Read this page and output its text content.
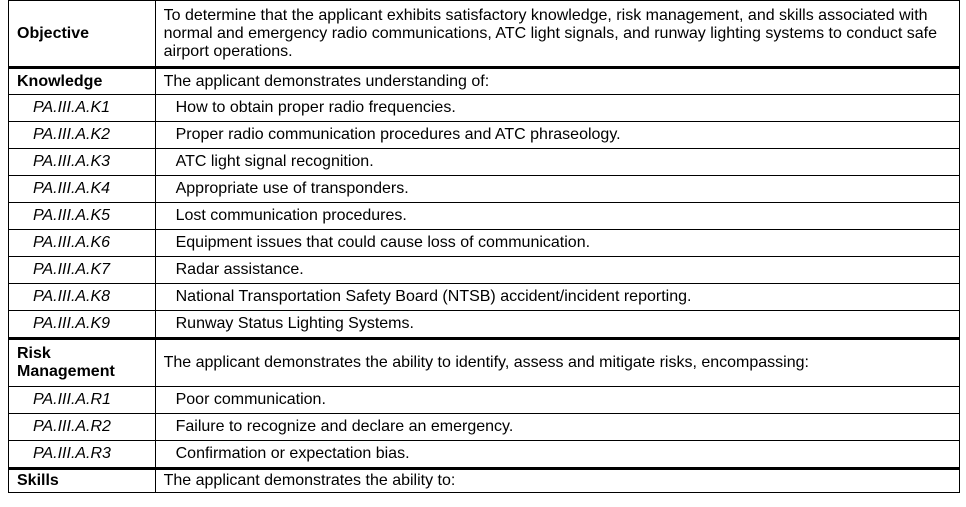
Objective	To determine that the applicant exhibits satisfactory knowledge, risk management, and skills associated with normal and emergency radio communications, ATC light signals, and runway lighting systems to conduct safe airport operations.
Knowledge	The applicant demonstrates understanding of:
PA.III.A.K1	How to obtain proper radio frequencies.
PA.III.A.K2	Proper radio communication procedures and ATC phraseology.
PA.III.A.K3	ATC light signal recognition.
PA.III.A.K4	Appropriate use of transponders.
PA.III.A.K5	Lost communication procedures.
PA.III.A.K6	Equipment issues that could cause loss of communication.
PA.III.A.K7	Radar assistance.
PA.III.A.K8	National Transportation Safety Board (NTSB) accident/incident reporting.
PA.III.A.K9	Runway Status Lighting Systems.
Risk Management	The applicant demonstrates the ability to identify, assess and mitigate risks, encompassing:
PA.III.A.R1	Poor communication.
PA.III.A.R2	Failure to recognize and declare an emergency.
PA.III.A.R3	Confirmation or expectation bias.
Skills	The applicant demonstrates the ability to:
